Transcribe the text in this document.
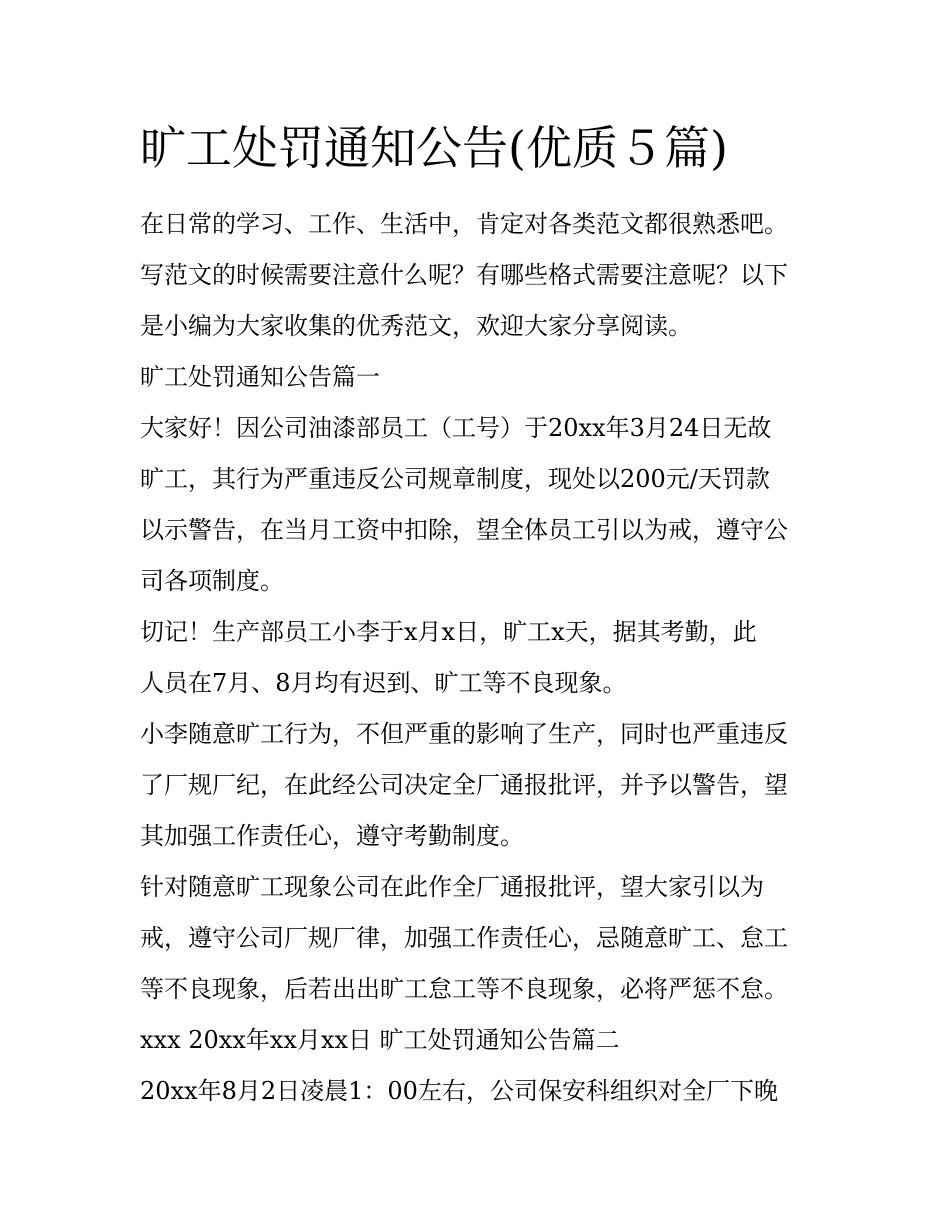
旷工处罚通知公告(优质５篇)
在日常的学习、工作、生活中，肯定对各类范文都很熟悉吧。
写范文的时候需要注意什么呢？有哪些格式需要注意呢？以下
是小编为大家收集的优秀范文，欢迎大家分享阅读。
旷工处罚通知公告篇一
大家好！因公司油漆部员工（工号）于20xx年3月24日无故
旷工，其行为严重违反公司规章制度，现处以200元/天罚款
以示警告，在当月工资中扣除，望全体员工引以为戒，遵守公
司各项制度。
切记！生产部员工小李于x月x日，旷工x天，据其考勤，此
人员在7月、8月均有迟到、旷工等不良现象。
小李随意旷工行为，不但严重的影响了生产，同时也严重违反
了厂规厂纪，在此经公司决定全厂通报批评，并予以警告，望
其加强工作责任心，遵守考勤制度。
针对随意旷工现象公司在此作全厂通报批评，望大家引以为
戒，遵守公司厂规厂律，加强工作责任心，忌随意旷工、怠工
等不良现象，后若出出旷工怠工等不良现象，必将严惩不怠。
xxx 20xx年xx月xx日 旷工处罚通知公告篇二
20xx年8月2日凌晨1：00左右，公司保安科组织对全厂下晚
